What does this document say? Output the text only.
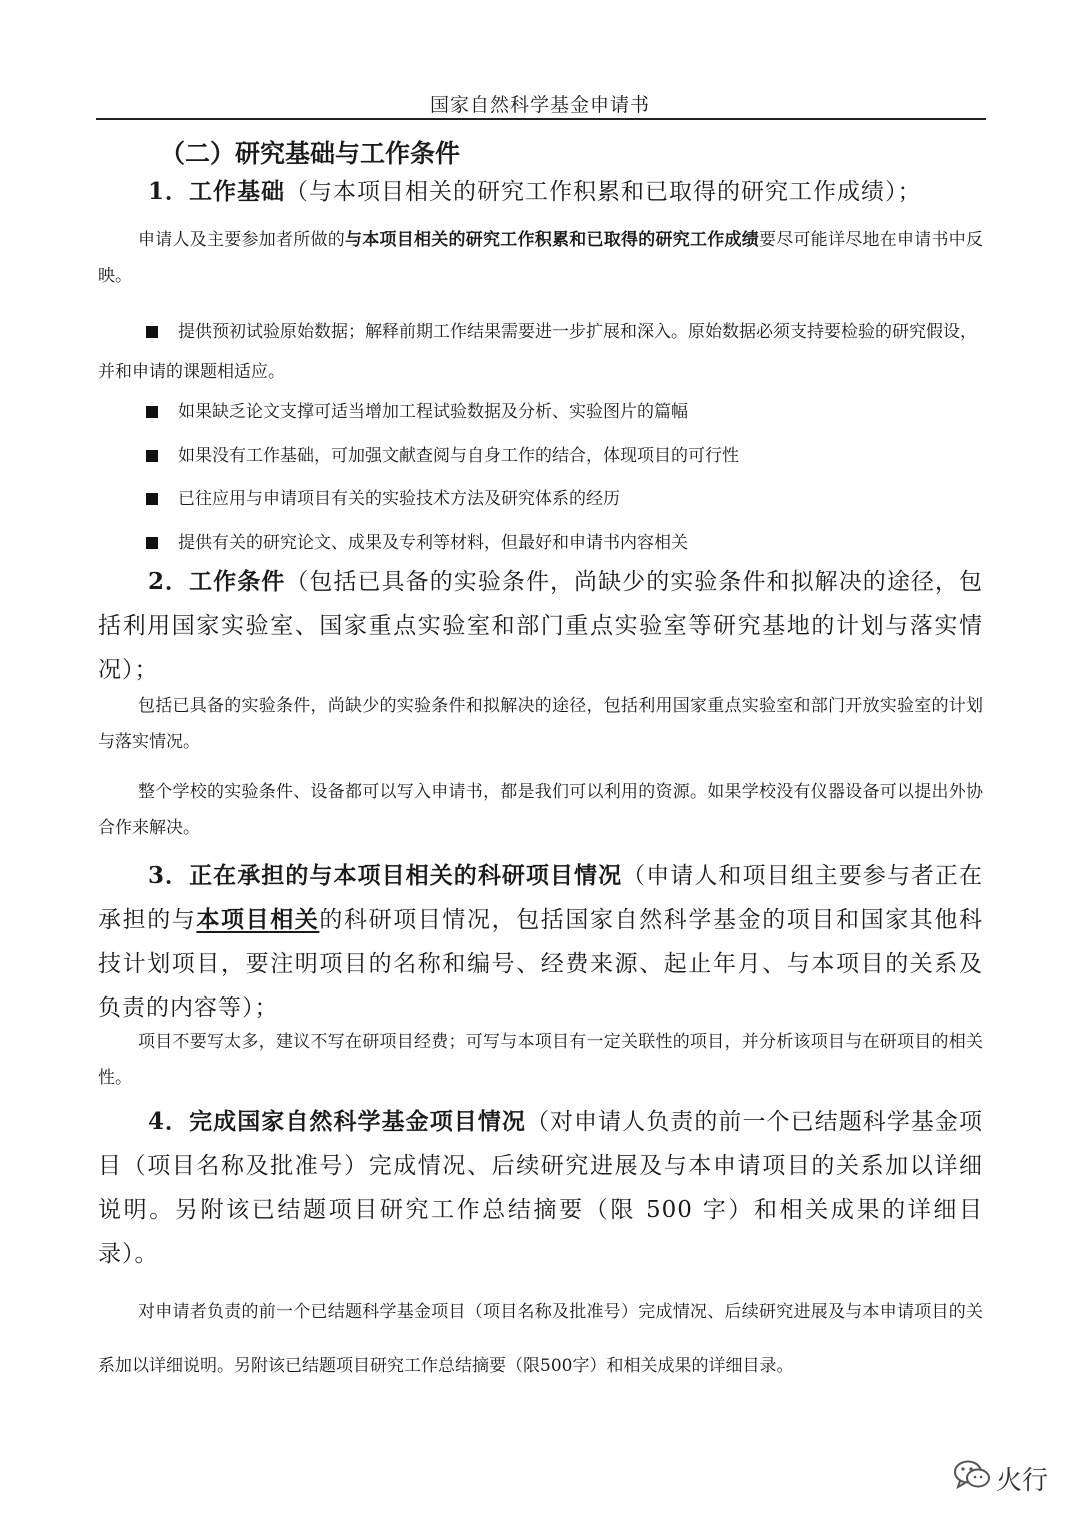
国家自然科学基金申请书
（二）研究基础与工作条件
1．工作基础（与本项目相关的研究工作积累和已取得的研究工作成绩）；
申请人及主要参加者所做的与本项目相关的研究工作积累和已取得的研究工作成绩要尽可能详尽地在申请书中反映。
提供预初试验原始数据；解释前期工作结果需要进一步扩展和深入。原始数据必须支持要检验的研究假设，并和申请的课题相适应。
如果缺乏论文支撑可适当增加工程试验数据及分析、实验图片的篇幅
如果没有工作基础，可加强文献查阅与自身工作的结合，体现项目的可行性
已往应用与申请项目有关的实验技术方法及研究体系的经历
提供有关的研究论文、成果及专利等材料，但最好和申请书内容相关
2．工作条件（包括已具备的实验条件，尚缺少的实验条件和拟解决的途径，包括利用国家实验室、国家重点实验室和部门重点实验室等研究基地的计划与落实情况）；
包括已具备的实验条件，尚缺少的实验条件和拟解决的途径，包括利用国家重点实验室和部门开放实验室的计划与落实情况。
整个学校的实验条件、设备都可以写入申请书，都是我们可以利用的资源。如果学校没有仪器设备可以提出外协合作来解决。
3．正在承担的与本项目相关的科研项目情况（申请人和项目组主要参与者正在承担的与本项目相关的科研项目情况，包括国家自然科学基金的项目和国家其他科技计划项目，要注明项目的名称和编号、经费来源、起止年月、与本项目的关系及负责的内容等）；
项目不要写太多，建议不写在研项目经费；可写与本项目有一定关联性的项目，并分析该项目与在研项目的相关性。
4．完成国家自然科学基金项目情况（对申请人负责的前一个已结题科学基金项目（项目名称及批准号）完成情况、后续研究进展及与本申请项目的关系加以详细说明。另附该已结题项目研究工作总结摘要（限 500 字）和相关成果的详细目录）。
对申请者负责的前一个已结题科学基金项目（项目名称及批准号）完成情况、后续研究进展及与本申请项目的关系加以详细说明。另附该已结题项目研究工作总结摘要（限500字）和相关成果的详细目录。
火行
